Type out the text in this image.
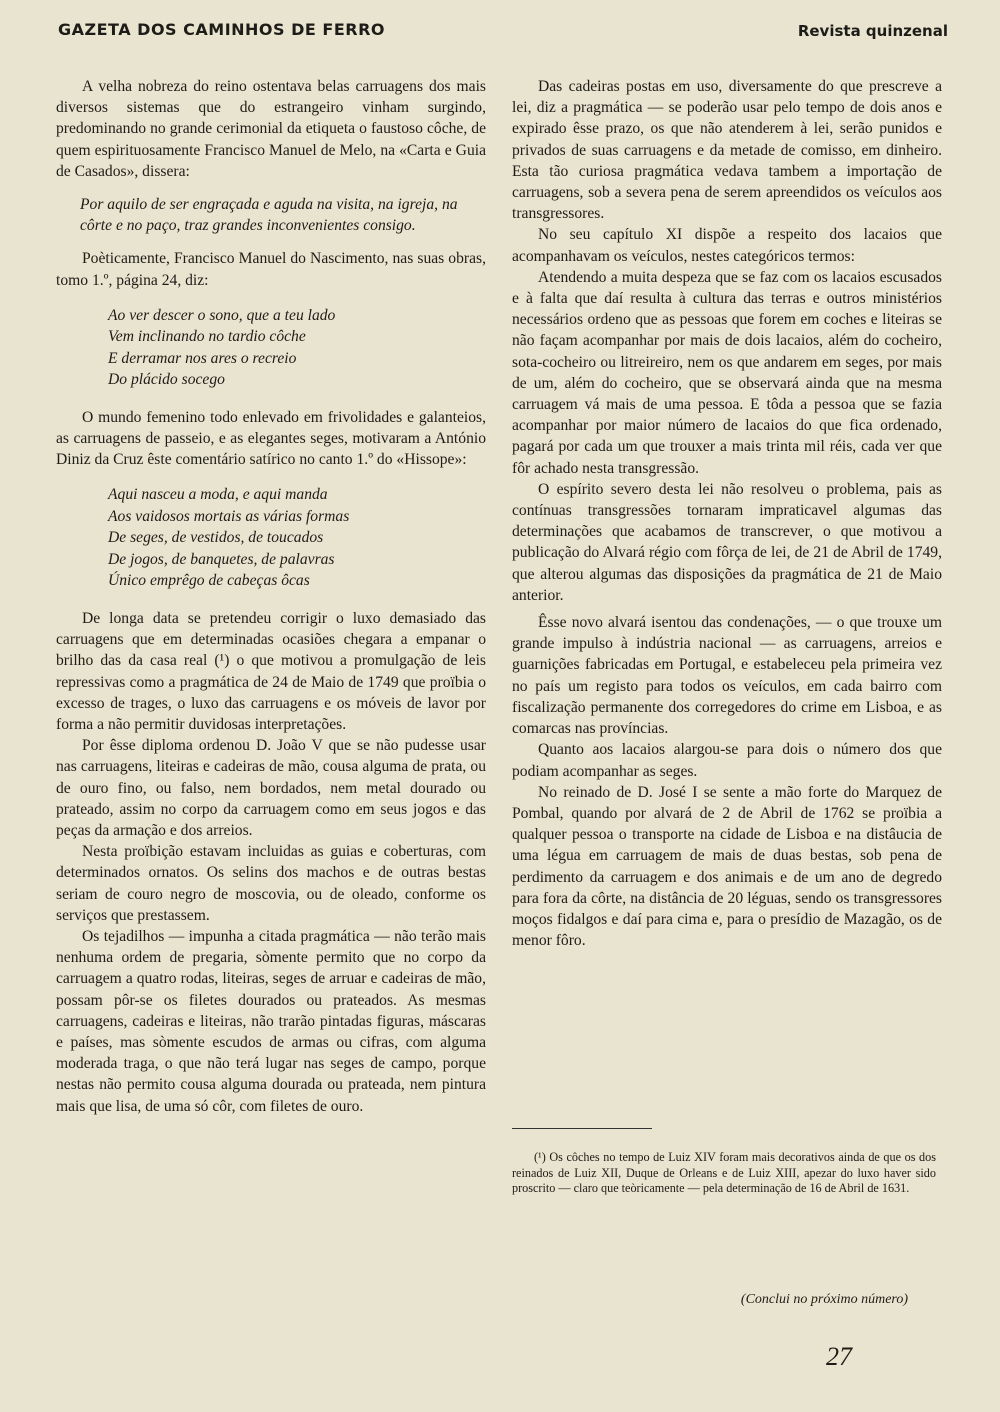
GAZETA DOS CAMINHOS DE FERRO	Revista quinzenal

A velha nobreza do reino ostentava belas carruagens dos mais diversos sistemas que do estrangeiro vinham surgindo, predominando no grande cerimonial da etiqueta o faustoso côche, de quem espirituosamente Francisco Manuel de Melo, na «Carta e Guia de Casados», dissera:

Por aquilo de ser engraçada e aguda na visita, na igreja, na côrte e no paço, traz grandes inconvenientes consigo.

Poèticamente, Francisco Manuel do Nascimento, nas suas obras, tomo 1.º, página 24, diz:

Ao ver descer o sono, que a teu lado
Vem inclinando no tardio côche
E derramar nos ares o recreio
Do plácido socego

O mundo femenino todo enlevado em frivolidades e galanteios, as carruagens de passeio, e as elegantes seges, motivaram a António Diniz da Cruz êste comentário satírico no canto 1.º do «Hissope»:

Aqui nasceu a moda, e aqui manda
Aos vaidosos mortais as várias formas
De seges, de vestidos, de toucados
De jogos, de banquetes, de palavras
Único emprêgo de cabeças ôcas

De longa data se pretendeu corrigir o luxo demasiado das carruagens que em determinadas ocasiões chegara a empanar o brilho das da casa real (¹) o que motivou a promulgação de leis repressivas como a pragmática de 24 de Maio de 1749 que proïbia o excesso de trages, o luxo das carruagens e os móveis de lavor por forma a não permitir duvidosas interpretações.

Por êsse diploma ordenou D. João V que se não pudesse usar nas carruagens, liteiras e cadeiras de mão, cousa alguma de prata, ou de ouro fino, ou falso, nem bordados, nem metal dourado ou prateado, assim no corpo da carruagem como em seus jogos e das peças da armação e dos arreios.

Nesta proïbição estavam incluidas as guias e coberturas, com determinados ornatos. Os selins dos machos e de outras bestas seriam de couro negro de moscovia, ou de oleado, conforme os serviços que prestassem.

Os tejadilhos — impunha a citada pragmática — não terão mais nenhuma ordem de pregaria, sòmente permito que no corpo da carruagem a quatro rodas, liteiras, seges de arruar e cadeiras de mão, possam pôr-se os filetes dourados ou prateados. As mesmas carruagens, cadeiras e liteiras, não trarão pintadas figuras, máscaras e países, mas sòmente escudos de armas ou cifras, com alguma moderada traga, o que não terá lugar nas seges de campo, porque nestas não permito cousa alguma dourada ou prateada, nem pintura mais que lisa, de uma só côr, com filetes de ouro.

Das cadeiras postas em uso, diversamente do que prescreve a lei, diz a pragmática — se poderão usar pelo tempo de dois anos e expirado êsse prazo, os que não atenderem à lei, serão punidos e privados de suas carruagens e da metade de comisso, em dinheiro. Esta tão curiosa pragmática vedava tambem a importação de carruagens, sob a severa pena de serem apreendidos os veículos aos transgressores.

No seu capítulo XI dispõe a respeito dos lacaios que acompanhavam os veículos, nestes categóricos termos:

Atendendo a muita despeza que se faz com os lacaios escusados e à falta que daí resulta à cultura das terras e outros ministérios necessários ordeno que as pessoas que forem em coches e liteiras se não façam acompanhar por mais de dois lacaios, além do cocheiro, sota-cocheiro ou litreireiro, nem os que andarem em seges, por mais de um, além do cocheiro, que se observará ainda que na mesma carruagem vá mais de uma pessoa. E tôda a pessoa que se fazia acompanhar por maior número de lacaios do que fica ordenado, pagará por cada um que trouxer a mais trinta mil réis, cada ver que fôr achado nesta transgressão.

O espírito severo desta lei não resolveu o problema, pais as contínuas transgressões tornaram impraticavel algumas das determinações que acabamos de transcrever, o que motivou a publicação do Alvará régio com fôrça de lei, de 21 de Abril de 1749, que alterou algumas das disposições da pragmática de 21 de Maio anterior.

Êsse novo alvará isentou das condenações, — o que trouxe um grande impulso à indústria nacional — as carruagens, arreios e guarnições fabricadas em Portugal, e estabeleceu pela primeira vez no país um registo para todos os veículos, em cada bairro com fiscalização permanente dos corregedores do crime em Lisboa, e as comarcas nas províncias.

Quanto aos lacaios alargou-se para dois o número dos que podiam acompanhar as seges.

No reinado de D. José I se sente a mão forte do Marquez de Pombal, quando por alvará de 2 de Abril de 1762 se proïbia a qualquer pessoa o transporte na cidade de Lisboa e na distâucia de uma légua em carruagem de mais de duas bestas, sob pena de perdimento da carruagem e dos animais e de um ano de degredo para fora da côrte, na distância de 20 léguas, sendo os transgressores moços fidalgos e daí para cima e, para o presídio de Mazagão, os de menor fôro.

(¹) Os côches no tempo de Luiz XIV foram mais decorativos ainda de que os dos reinados de Luiz XII, Duque de Orleans e de Luiz XIII, apezar do luxo haver sido proscrito — claro que teòricamente — pela determinação de 16 de Abril de 1631.
(Conclui no próximo número)
27
